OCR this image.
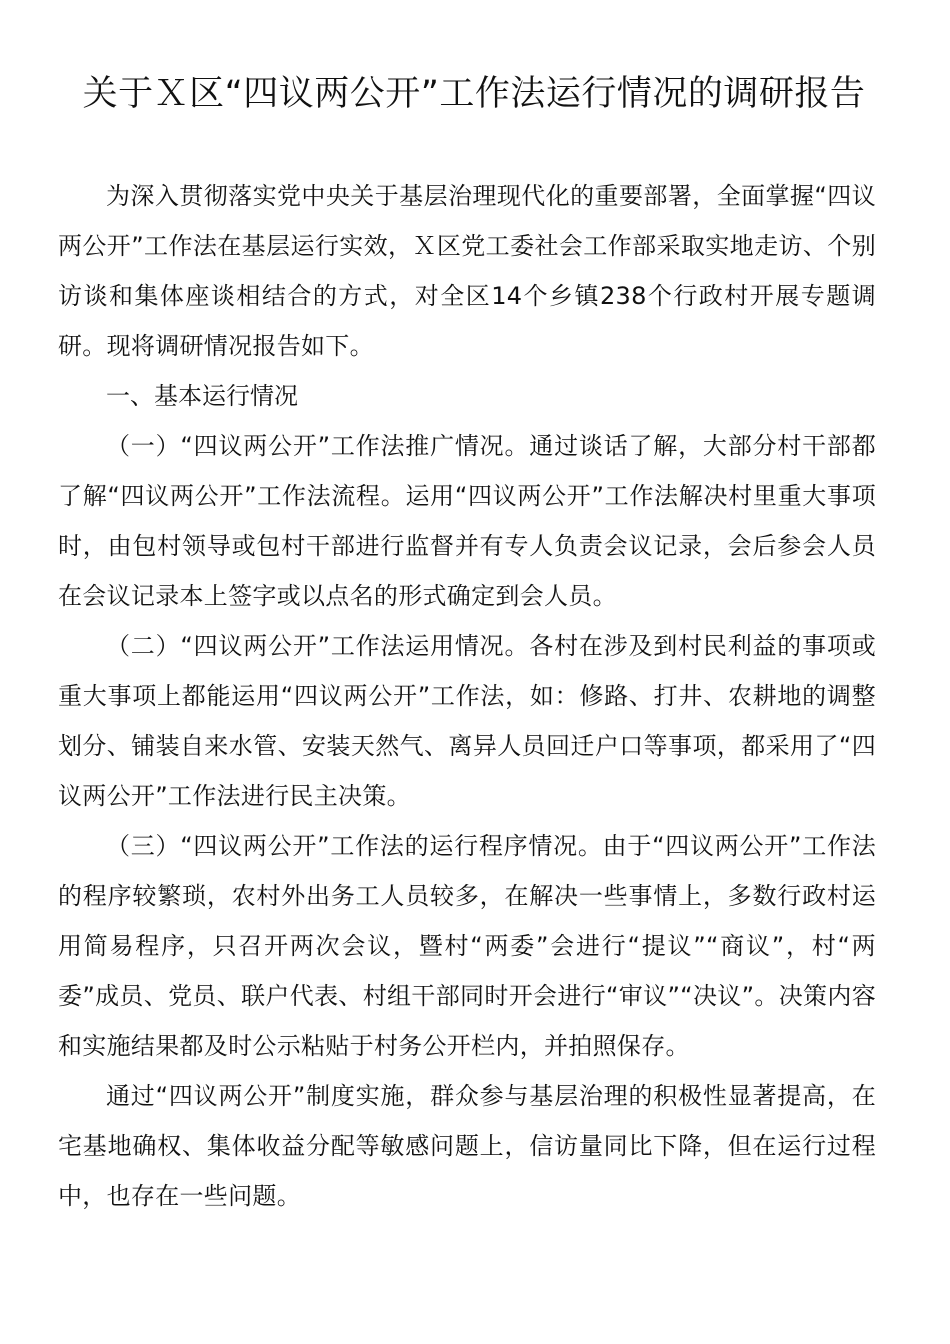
关于Ｘ区“四议两公开”工作法运行情况的调研报告

为深入贯彻落实党中央关于基层治理现代化的重要部署，全面掌握“四议两公开”工作法在基层运行实效，Ｘ区党工委社会工作部采取实地走访、个别访谈和集体座谈相结合的方式，对全区14个乡镇238个行政村开展专题调研。现将调研情况报告如下。

一、基本运行情况

（一）“四议两公开”工作法推广情况。通过谈话了解，大部分村干部都了解“四议两公开”工作法流程。运用“四议两公开”工作法解决村里重大事项时，由包村领导或包村干部进行监督并有专人负责会议记录，会后参会人员在会议记录本上签字或以点名的形式确定到会人员。

（二）“四议两公开”工作法运用情况。各村在涉及到村民利益的事项或重大事项上都能运用“四议两公开”工作法，如：修路、打井、农耕地的调整划分、铺装自来水管、安装天然气、离异人员回迁户口等事项，都采用了“四议两公开”工作法进行民主决策。

（三）“四议两公开”工作法的运行程序情况。由于“四议两公开”工作法的程序较繁琐，农村外出务工人员较多，在解决一些事情上，多数行政村运用简易程序，只召开两次会议，暨村“两委”会进行“提议”“商议”，村“两委”成员、党员、联户代表、村组干部同时开会进行“审议”“决议”。决策内容和实施结果都及时公示粘贴于村务公开栏内，并拍照保存。

通过“四议两公开”制度实施，群众参与基层治理的积极性显著提高，在宅基地确权、集体收益分配等敏感问题上，信访量同比下降，但在运行过程中，也存在一些问题。
